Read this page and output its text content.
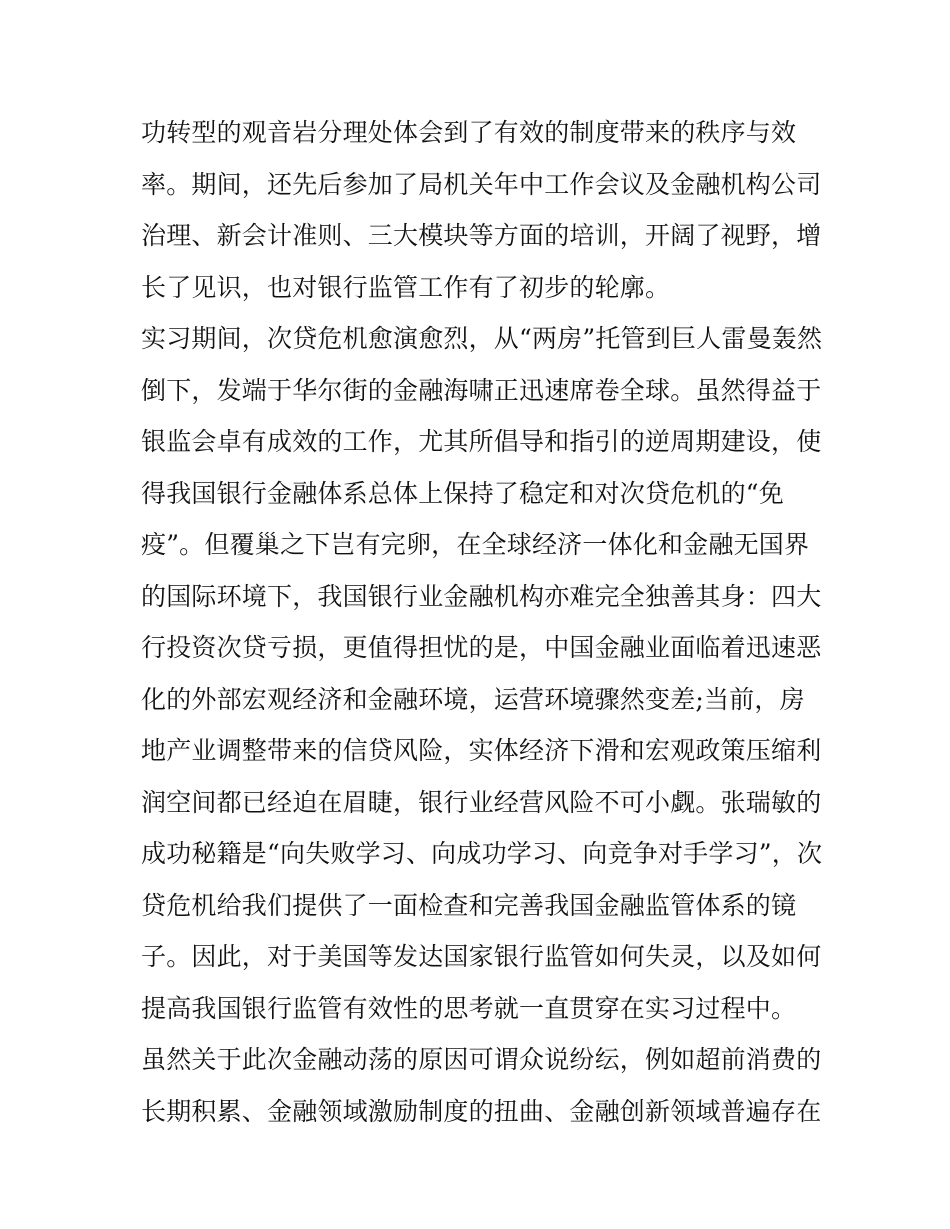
功转型的观音岩分理处体会到了有效的制度带来的秩序与效
率。期间，还先后参加了局机关年中工作会议及金融机构公司
治理、新会计准则、三大模块等方面的培训，开阔了视野，增
长了见识，也对银行监管工作有了初步的轮廓。
实习期间，次贷危机愈演愈烈，从“两房”托管到巨人雷曼轰然
倒下，发端于华尔街的金融海啸正迅速席卷全球。虽然得益于
银监会卓有成效的工作，尤其所倡导和指引的逆周期建设，使
得我国银行金融体系总体上保持了稳定和对次贷危机的“免
疫”。但覆巢之下岂有完卵，在全球经济一体化和金融无国界
的国际环境下，我国银行业金融机构亦难完全独善其身：四大
行投资次贷亏损，更值得担忧的是，中国金融业面临着迅速恶
化的外部宏观经济和金融环境，运营环境骤然变差;当前，房
地产业调整带来的信贷风险，实体经济下滑和宏观政策压缩利
润空间都已经迫在眉睫，银行业经营风险不可小觑。张瑞敏的
成功秘籍是“向失败学习、向成功学习、向竞争对手学习”，次
贷危机给我们提供了一面检查和完善我国金融监管体系的镜
子。因此，对于美国等发达国家银行监管如何失灵，以及如何
提高我国银行监管有效性的思考就一直贯穿在实习过程中。
虽然关于此次金融动荡的原因可谓众说纷纭，例如超前消费的
长期积累、金融领域激励制度的扭曲、金融创新领域普遍存在
